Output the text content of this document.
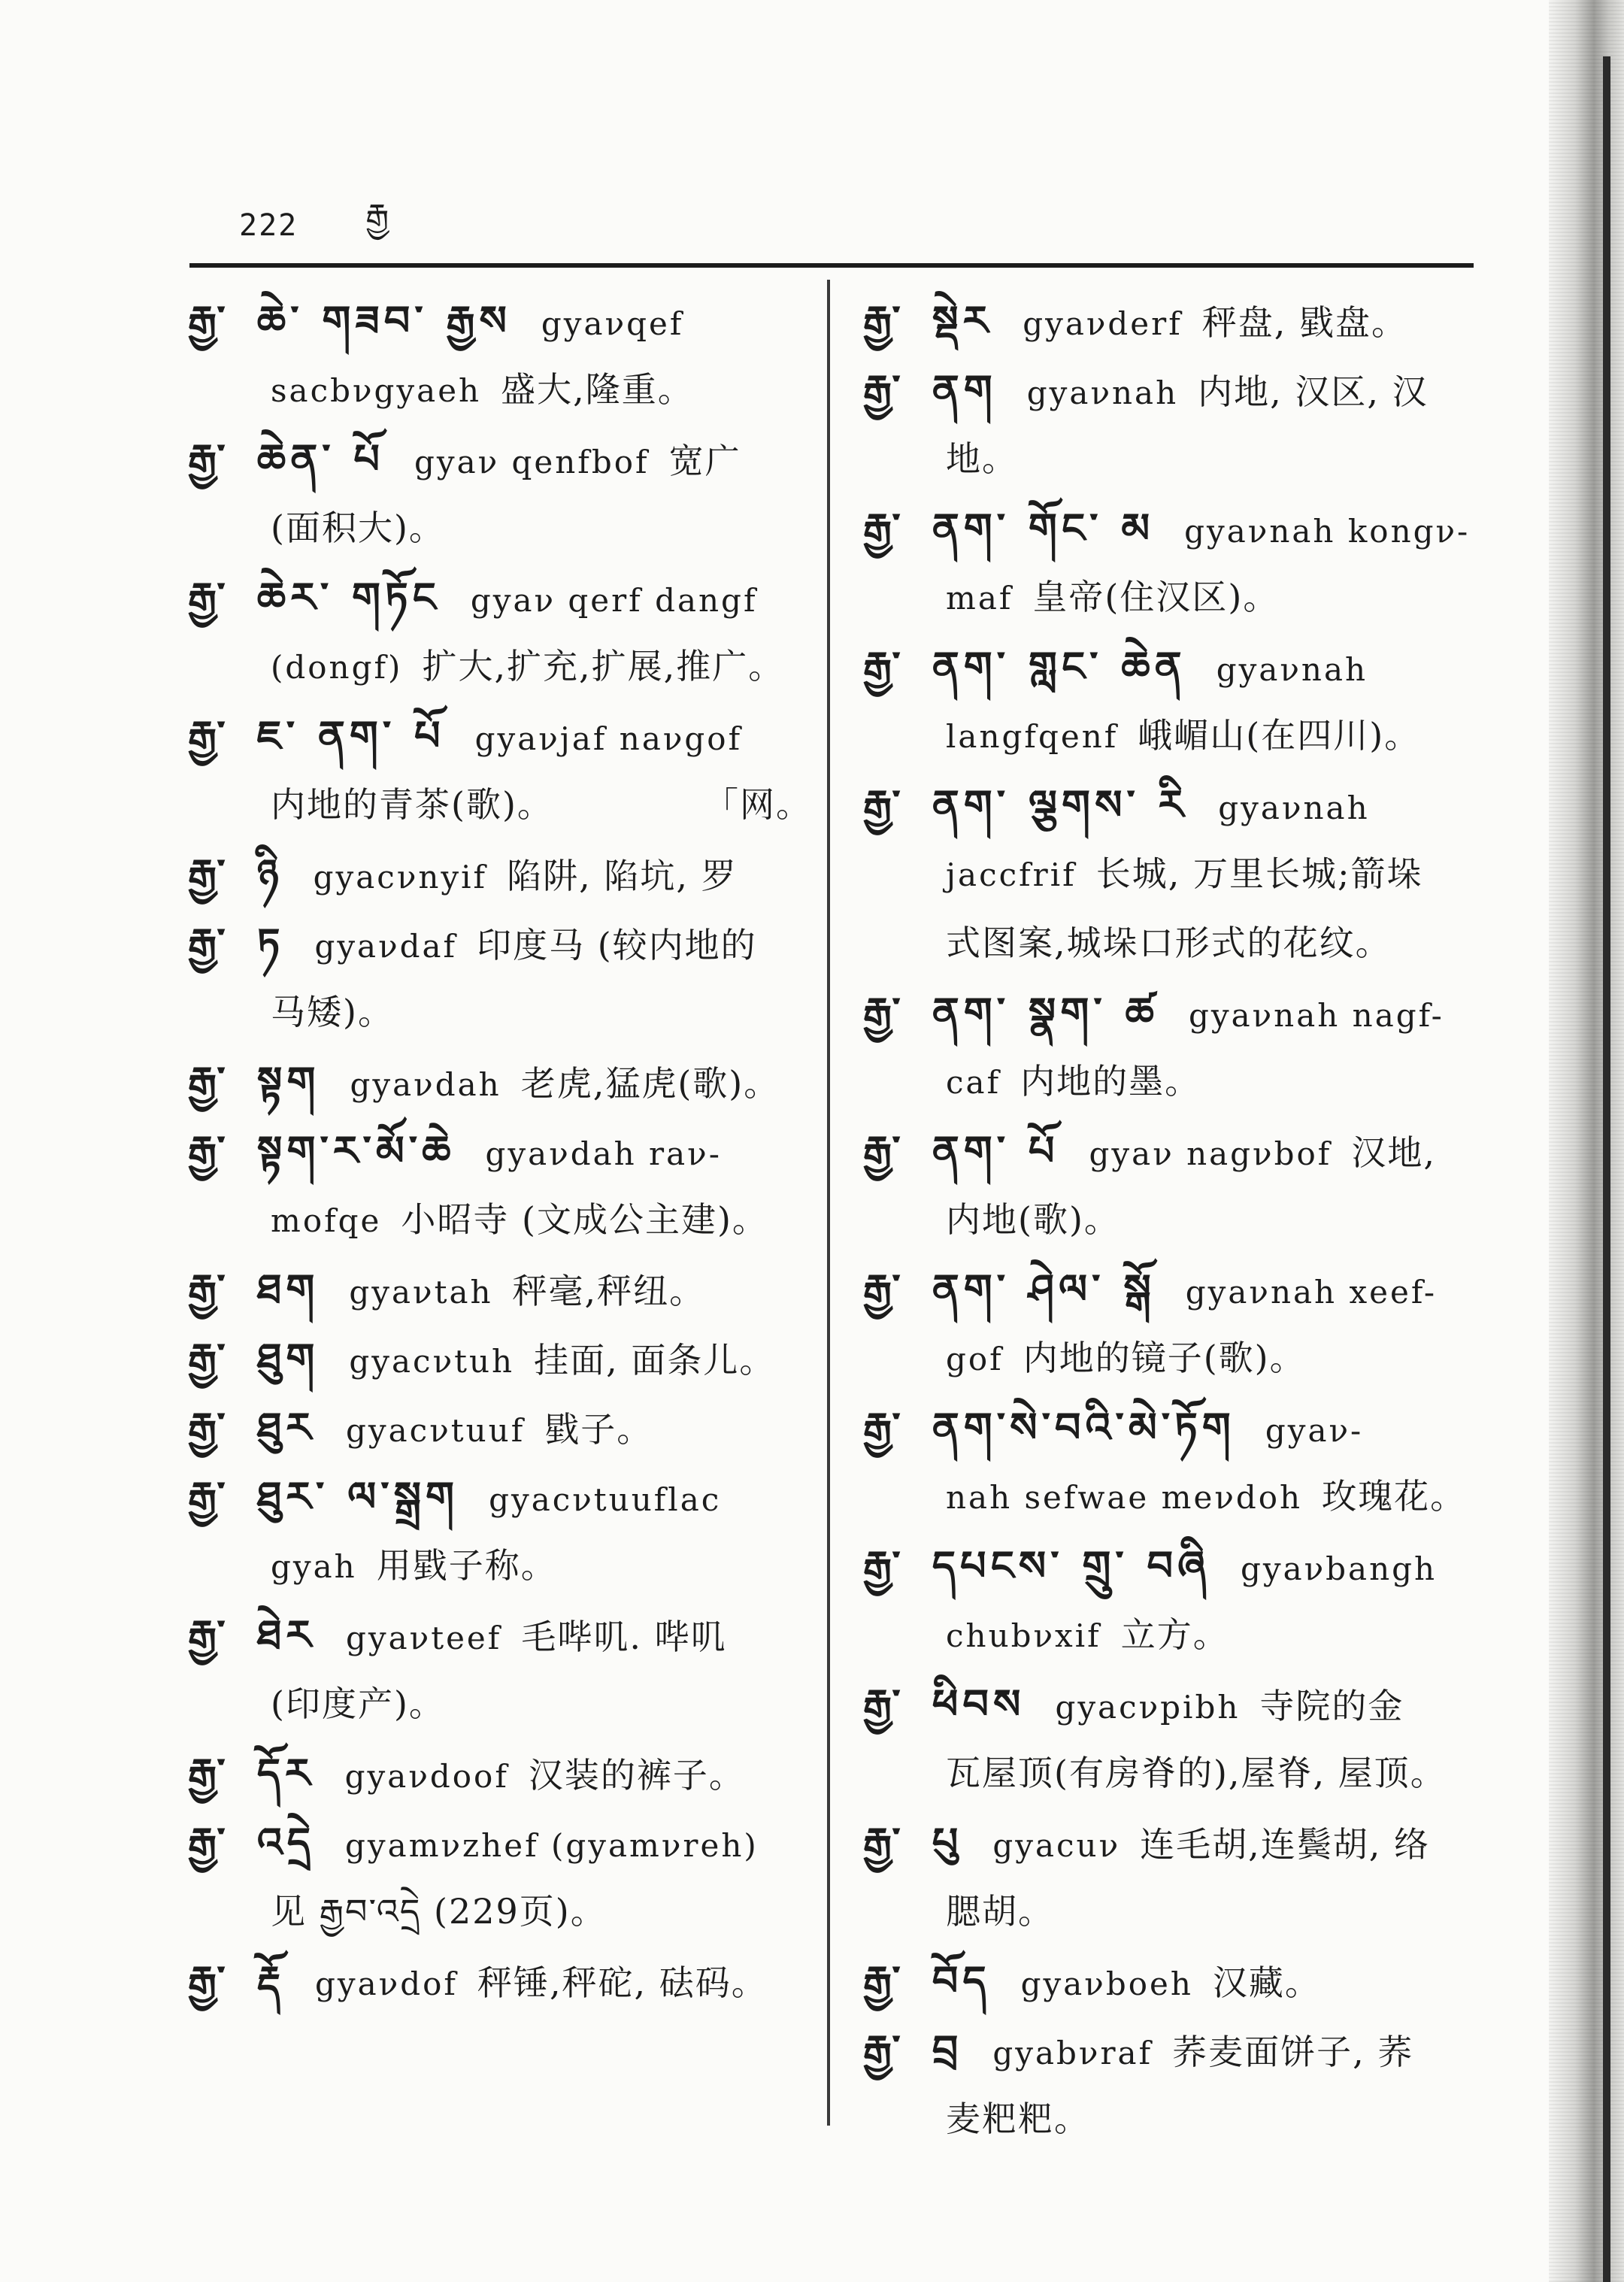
222 རྒྱ
རྒྱ་ ཆེ་ གཟབ་ རྒྱས gyaνqef
sacbνgyaeh 盛大,隆重。
རྒྱ་ ཆེན་ པོ gyaν qenfbof 宽广
(面积大)。
རྒྱ་ ཆེར་ གཏོང gyaν qerf dangf
(dongf) 扩大,扩充,扩展,推广。
རྒྱ་ ཇ་ ནག་ པོ gyaνjaf naνgof
内地的青茶(歌)。	「网。
རྒྱ་ ཉི gyacνnyif 陷阱, 陷坑, 罗
རྒྱ་ ཏ gyaνdaf 印度马 (较内地的
马矮)。
རྒྱ་ སྟག gyaνdah 老虎,猛虎(歌)。
རྒྱ་ སྟག་ར་མོ་ཆེ gyaνdah raν-
mofqe 小昭寺 (文成公主建)。
རྒྱ་ ཐག gyaνtah 秤毫,秤纽。
རྒྱ་ ཐུག gyacνtuh 挂面, 面条儿。
རྒྱ་ ཐུར gyacνtuuf 戥子。
རྒྱ་ ཐུར་ ལ་སྒྲག gyacνtuuflac
gyah 用戥子称。
རྒྱ་ ཐེར gyaνteef 毛哔叽. 哔叽
(印度产)。
རྒྱ་ དོར gyaνdoof 汉装的裤子。
རྒྱ་ འདྲེ gyamνzhef (gyamνreh)
见 རྒྱབ་འདྲེ (229页)。
རྒྱ་ རྡོ gyaνdof 秤锤,秤砣, 砝码。
རྒྱ་ སྡེར gyaνderf 秤盘, 戥盘。
རྒྱ་ ནག gyaνnah 内地, 汉区, 汉
地。
རྒྱ་ ནག་ གོང་ མ gyaνnah kongν-
maf 皇帝(住汉区)。
རྒྱ་ ནག་ གླང་ ཆེན gyaνnah
langfqenf 峨嵋山(在四川)。
རྒྱ་ ནག་ ལྕགས་ རི gyaνnah
jaccfrif 长城, 万里长城;箭垛
式图案,城垛口形式的花纹。
རྒྱ་ ནག་ སྣག་ ཚ gyaνnah nagf-
caf 内地的墨。
རྒྱ་ ནག་ པོ gyaν nagνbof 汉地,
内地(歌)。
རྒྱ་ ནག་ ཤེལ་ སྒོ gyaνnah xeef-
gof 内地的镜子(歌)。
རྒྱ་ ནག་སེ་བའི་མེ་ཏོག gyaν-
nah sefwae meνdoh 玫瑰花。
རྒྱ་ དཔངས་ གྲུ་ བཞི gyaνbangh
chubνxif 立方。
རྒྱ་ ཕིབས gyacνpibh 寺院的金
瓦屋顶(有房脊的),屋脊, 屋顶。
རྒྱ་ པུ gyacuν 连毛胡,连鬓胡, 络
腮胡。
རྒྱ་ བོད gyaνboeh 汉藏。
རྒྱ་ བྲ gyabνraf 荞麦面饼子, 荞
麦粑粑。
